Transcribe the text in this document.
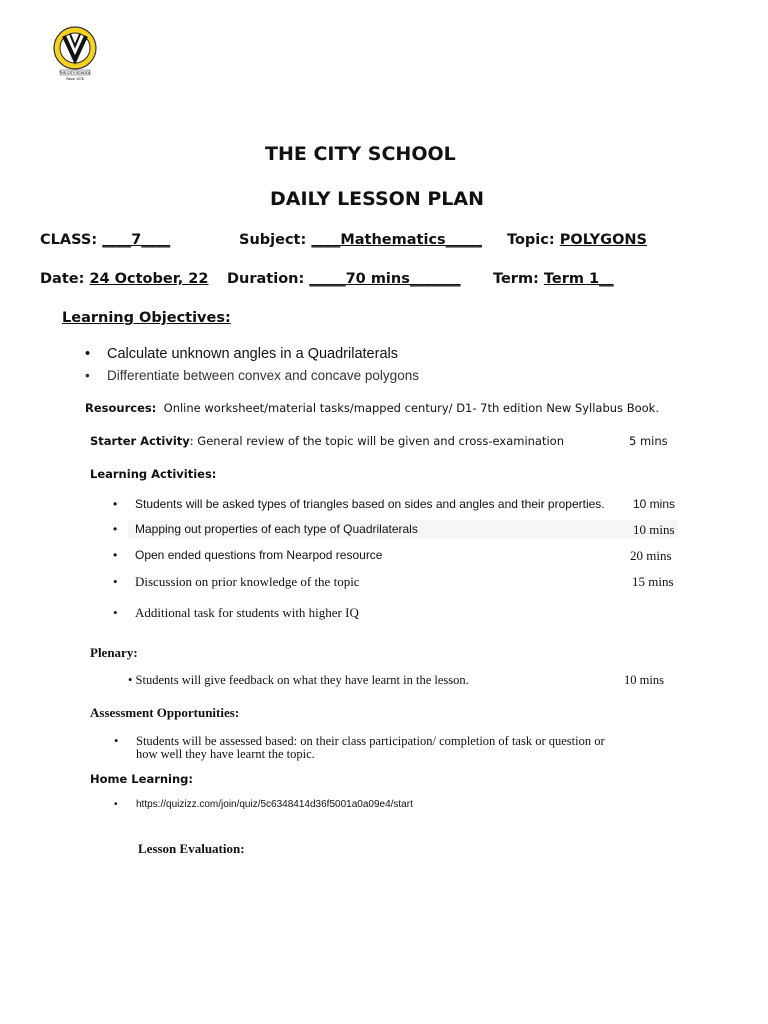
THE CITY SCHOOL
Since 1978
THE CITY SCHOOL
DAILY LESSON PLAN
CLASS: ____7____	Subject: ____Mathematics_____ Topic: POLYGONS
Date: 24 October, 22 Duration: _____70 mins_______ Term: Term 1__
Learning Objectives:
• Calculate unknown angles in a Quadrilaterals
• Differentiate between convex and concave polygons
Resources: Online worksheet/material tasks/mapped century/ D1- 7th edition New Syllabus Book.
Starter Activity: General review of the topic will be given and cross-examination	5 mins
Learning Activities:
• Students will be asked types of triangles based on sides and angles and their properties. 10 mins
• Mapping out properties of each type of Quadrilaterals	10 mins
• Open ended questions from Nearpod resource	20 mins
• Discussion on prior knowledge of the topic	15 mins
• Additional task for students with higher IQ
Plenary:
• Students will give feedback on what they have learnt in the lesson.	10 mins
Assessment Opportunities:
• Students will be assessed based: on their class participation/ completion of task or question or
how well they have learnt the topic.
Home Learning:
• https://quizizz.com/join/quiz/5c6348414d36f5001a0a09e4/start
Lesson Evaluation:
